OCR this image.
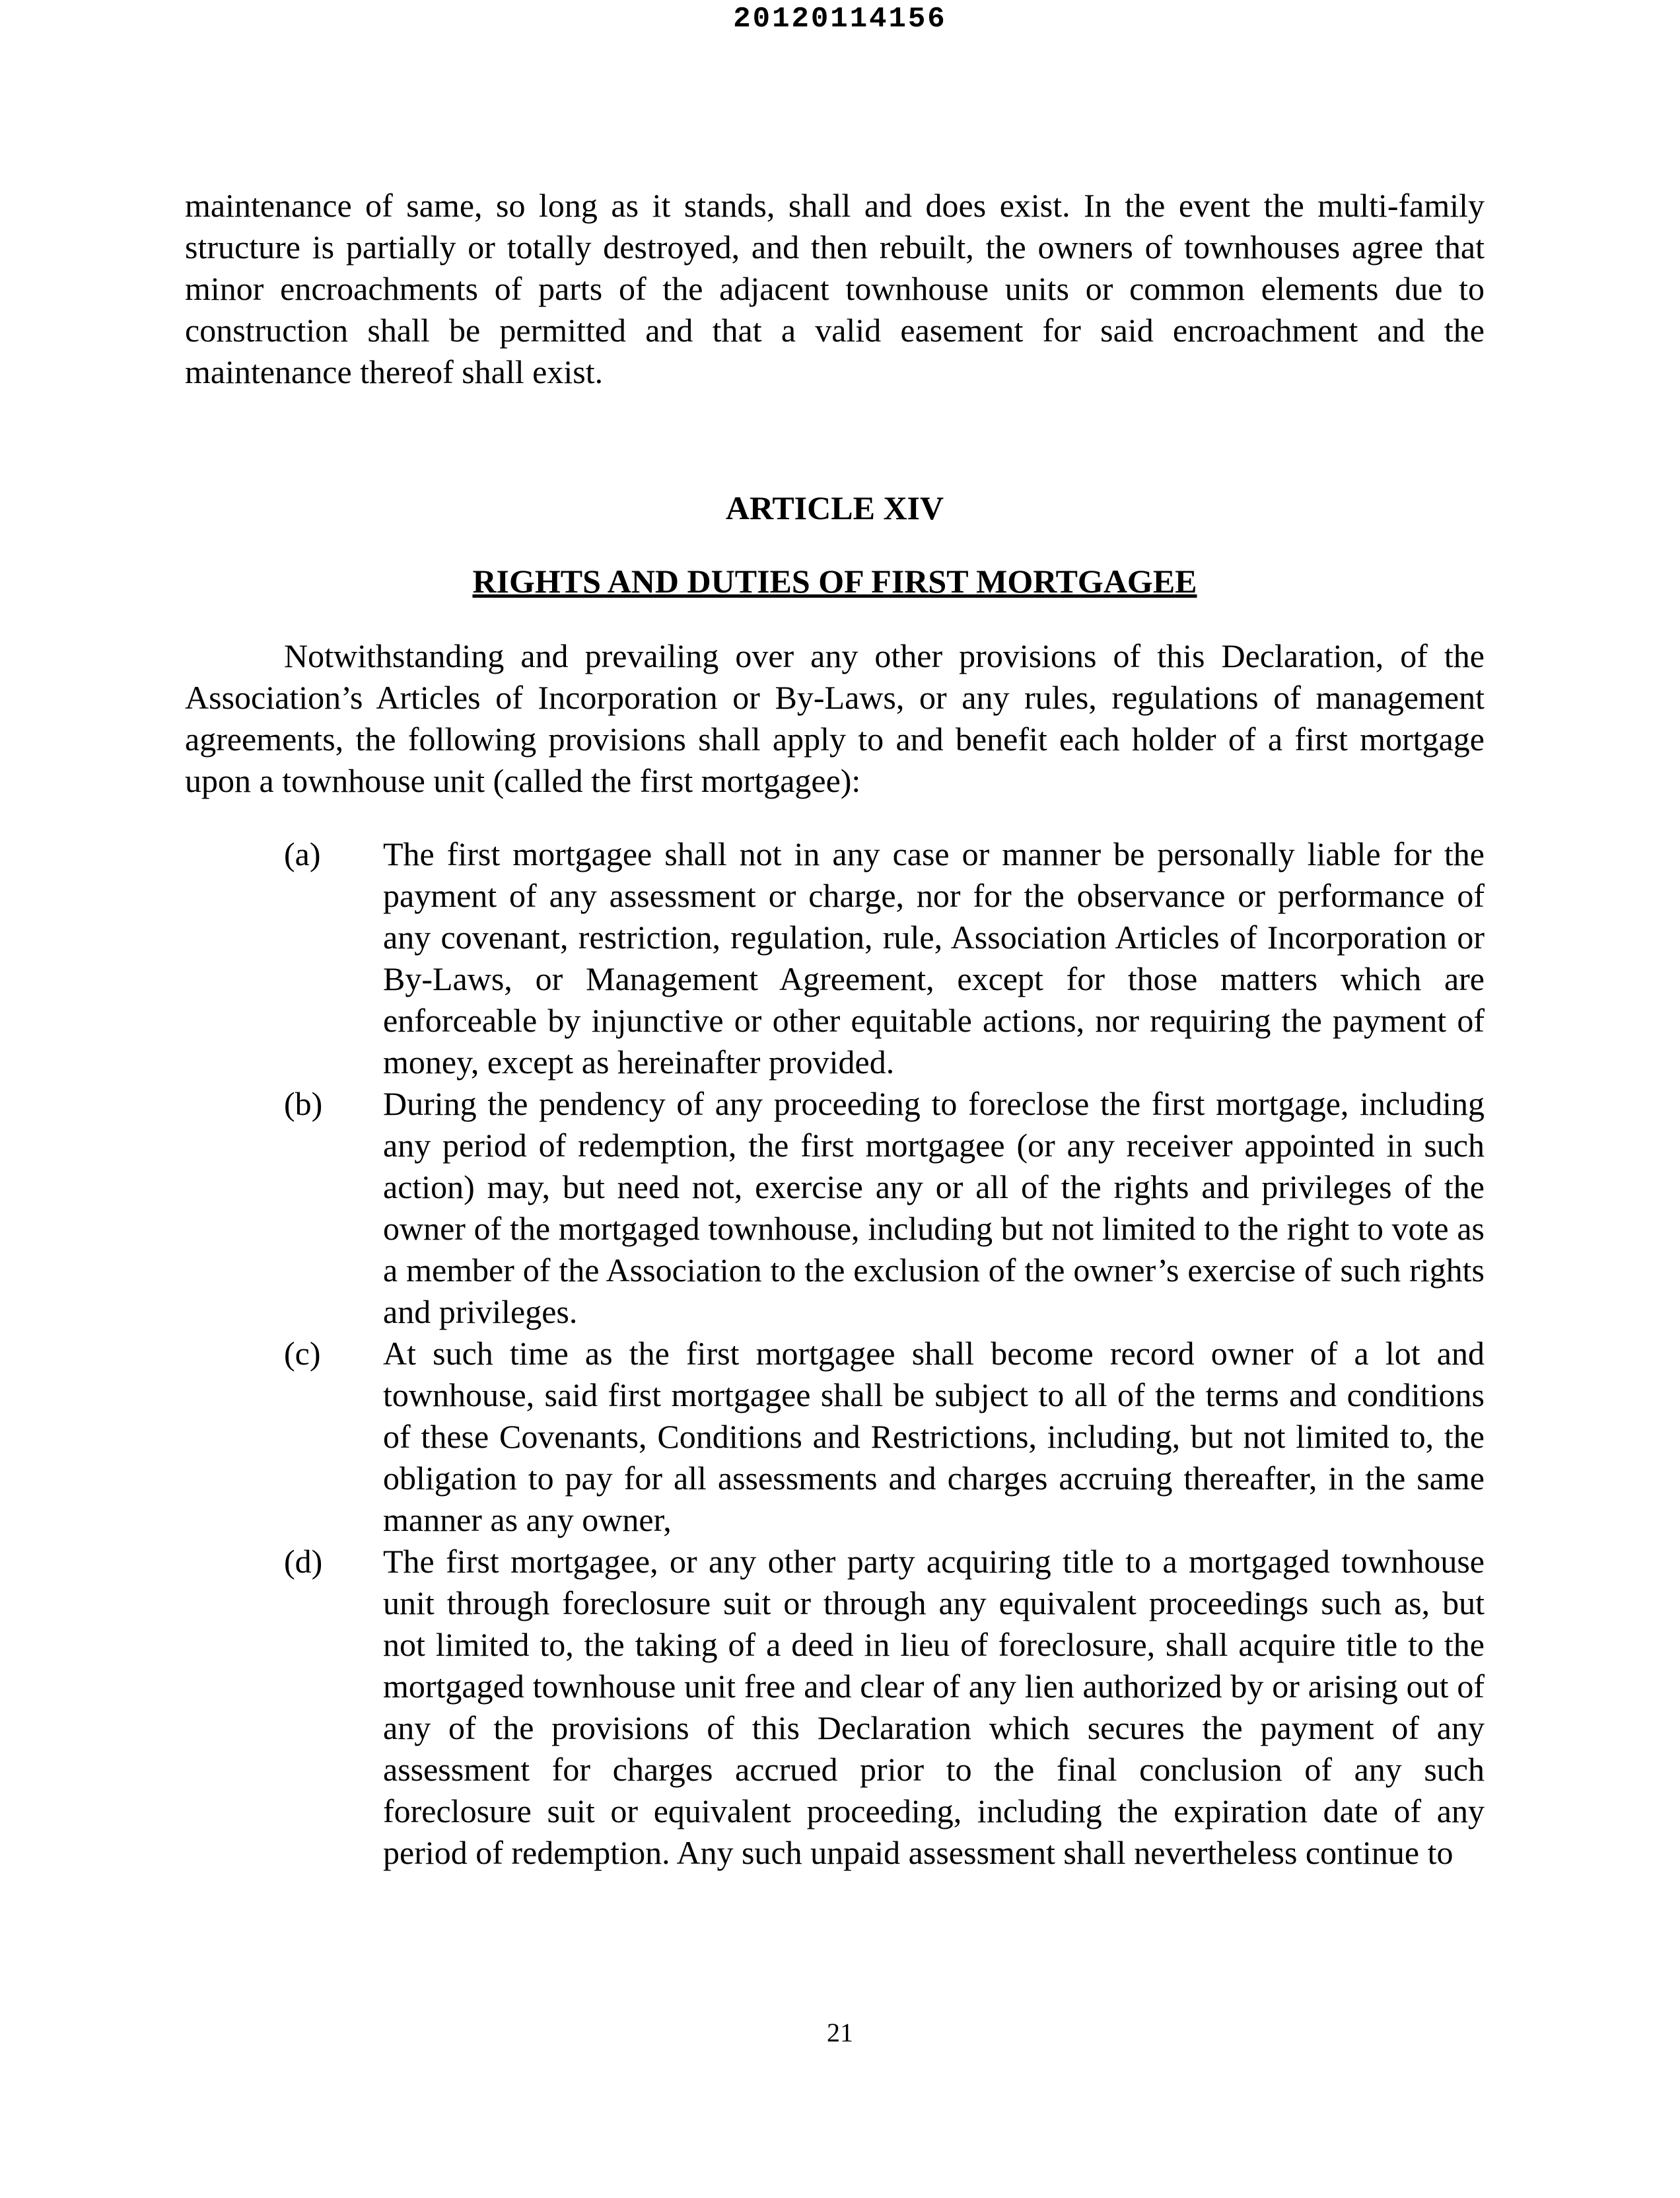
20120114156

maintenance of same, so long as it stands, shall and does exist. In the event the multi-family structure is partially or totally destroyed, and then rebuilt, the owners of townhouses agree that minor encroachments of parts of the adjacent townhouse units or common elements due to construction shall be permitted and that a valid easement for said encroachment and the maintenance thereof shall exist.

ARTICLE XIV

RIGHTS AND DUTIES OF FIRST MORTGAGEE

Notwithstanding and prevailing over any other provisions of this Declaration, of the Association’s Articles of Incorporation or By-Laws, or any rules, regulations of management agreements, the following provisions shall apply to and benefit each holder of a first mortgage upon a townhouse unit (called the first mortgagee):

(a)	The first mortgagee shall not in any case or manner be personally liable for the payment of any assessment or charge, nor for the observance or performance of any covenant, restriction, regulation, rule, Association Articles of Incorporation or By-Laws, or Management Agreement, except for those matters which are enforceable by injunctive or other equitable actions, nor requiring the payment of money, except as hereinafter provided.
(b)	During the pendency of any proceeding to foreclose the first mortgage, including any period of redemption, the first mortgagee (or any receiver appointed in such action) may, but need not, exercise any or all of the rights and privileges of the owner of the mortgaged townhouse, including but not limited to the right to vote as a member of the Association to the exclusion of the owner’s exercise of such rights and privileges.
(c)	At such time as the first mortgagee shall become record owner of a lot and townhouse, said first mortgagee shall be subject to all of the terms and conditions of these Covenants, Conditions and Restrictions, including, but not limited to, the obligation to pay for all assessments and charges accruing thereafter, in the same manner as any owner,
(d)	The first mortgagee, or any other party acquiring title to a mortgaged townhouse unit through foreclosure suit or through any equivalent proceedings such as, but not limited to, the taking of a deed in lieu of foreclosure, shall acquire title to the mortgaged townhouse unit free and clear of any lien authorized by or arising out of any of the provisions of this Declaration which secures the payment of any assessment for charges accrued prior to the final conclusion of any such foreclosure suit or equivalent proceeding, including the expiration date of any period of redemption. Any such unpaid assessment shall nevertheless continue to
21
